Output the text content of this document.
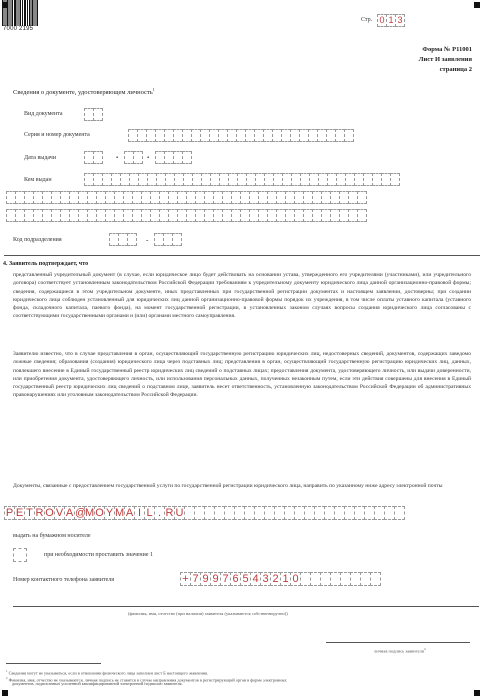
7000 2195
Стр. 0 1 3
Форма № Р11001
Лист И заявления
страница 2
Сведения о документе, удостоверяющем личность$^1$
Вид документа
Серия и номер документа
Дата выдачи	.	.
Кем выдан
Код подразделения	-
4. Заявитель подтверждает, что
представленный учредительный документ (в случае, если юридическое лицо будет действовать на основании устава, утвержденного его учредителями (участниками), или учредительного договора) соответствует установленным законодательством Российской Федерации требованиям к учредительному документу юридического лица данной организационно-правовой формы; сведения, содержащиеся в этом учредительном документе, иных представленных при государственной регистрации документах и настоящем заявлении, достоверны; при создании юридического лица соблюден установленный для юридических лиц данной организационно-правовой формы порядок их учреждения, в том числе оплаты уставного капитала (уставного фонда, складочного капитала, паевого фонда), на момент государственной регистрации, в установленных законом случаях вопросы создания юридического лица согласованы с соответствующими государственными органами и (или) органами местного самоуправления.
Заявителю известно, что в случае представления в орган, осуществляющий государственную регистрацию юридических лиц, недостоверных сведений, документов, содержащих заведомо ложные сведения; образования (создания) юридического лица через подставных лиц; представления в орган, осуществляющий государственную регистрацию юридических лиц, данных, повлекшего внесение в Единый государственный реестр юридических лиц сведений о подставных лицах; предоставления документа, удостоверяющего личность, или выдачи доверенности, или приобретения документа, удостоверяющего личность, или использования персональных данных, полученных незаконным путем, если эти действия совершены для внесения в Единый государственный реестр юридических лиц сведений о подставном лице, заявитель несет ответственность, установленную законодательством Российской Федерации об административных правонарушениях или уголовным законодательством Российской Федерации.
Документы, связанные с предоставлением государственной услуги по государственной регистрации юридического лица, направить по указанному ниже адресу электронной почты
P E T R O V A @
M O Y M A I L . R U
выдать на бумажном носителе
при необходимости проставить значение 1
Номер контактного телефона заявителя	+ 7 9 9 7 6 5 4 3 2 1 0
(фамилия, имя, отчество (при наличии) заявителя (указываются собственноручно))
личная подпись заявителя$^2$
$^1$ Сведения могут не указываться, если в отношении физического лица заполнен лист Б настоящего заявления.
$^2$ Фамилия, имя, отчество не указываются, личная подпись не ставится в случае направления документов в регистрирующий орган в форме электронных
документов, подписанных усиленной квалифицированной электронной подписью заявителя.
